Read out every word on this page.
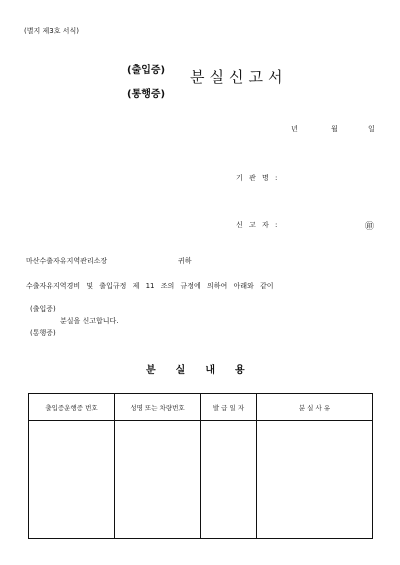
(별지 제3호 서식)
(출입증)
(통행증)
분실신고서
년	월	일
기 관 명 :
신 고 자 :	㊞
마산수출자유지역관리소장	귀하
수출자유지역경비 및 출입규정 제 11 조의 규정에 의하여 아래와 같이
(출입증)
분실을 신고합니다.
(통행증)
분실내용
출입증운행증 번호	성명 또는 차량번호	발 급 일 자	분 실 사 유
